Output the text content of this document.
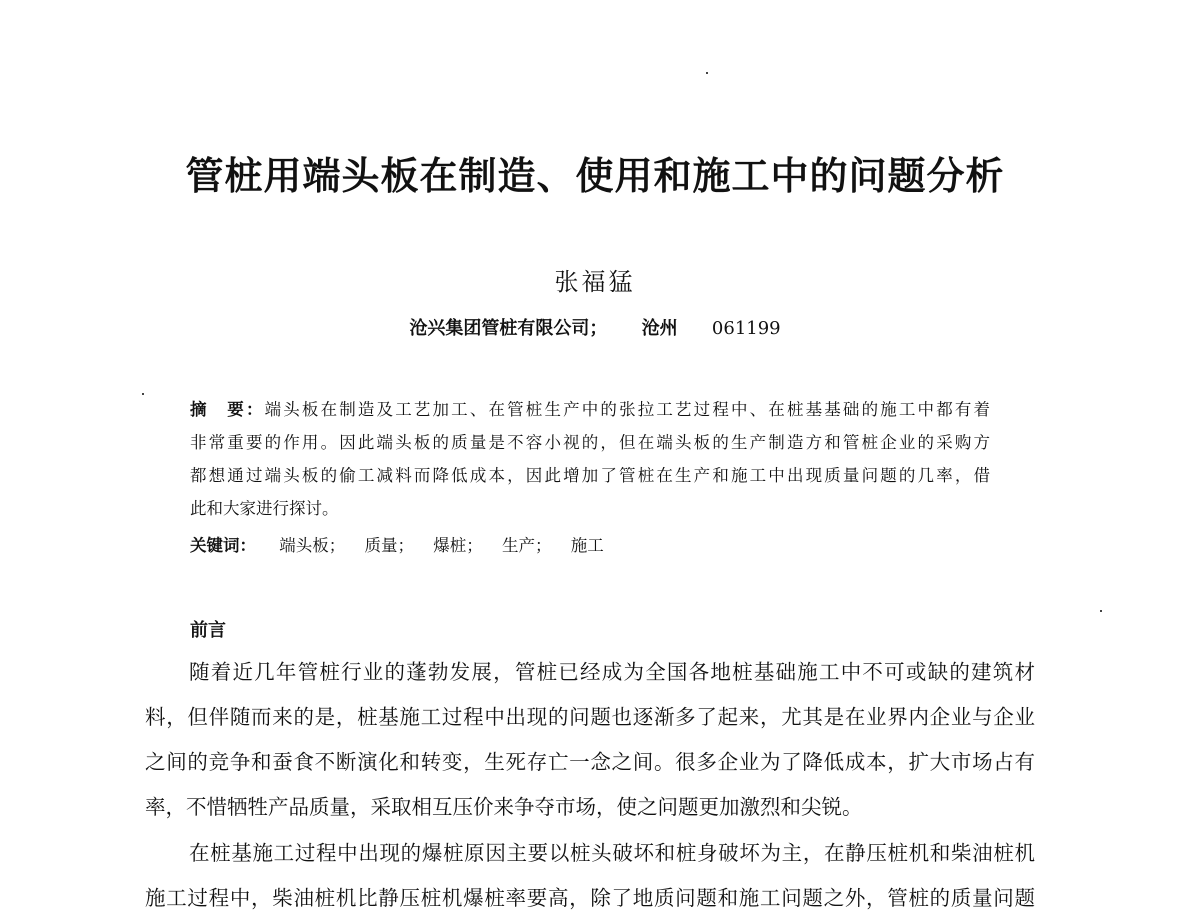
管桩用端头板在制造、使用和施工中的问题分析
张福猛
沧兴集团管桩有限公司； 沧州 061199
摘　要：端头板在制造及工艺加工、在管桩生产中的张拉工艺过程中、在桩基基础的施工中都有着
非常重要的作用。因此端头板的质量是不容小视的，但在端头板的生产制造方和管桩企业的采购方
都想通过端头板的偷工减料而降低成本，因此增加了管桩在生产和施工中出现质量问题的几率，借
此和大家进行探讨。
关键词： 端头板； 质量； 爆桩； 生产； 施工
前言
随着近几年管桩行业的蓬勃发展，管桩已经成为全国各地桩基础施工中不可或缺的建筑材
料，但伴随而来的是，桩基施工过程中出现的问题也逐渐多了起来，尤其是在业界内企业与企业
之间的竞争和蚕食不断演化和转变，生死存亡一念之间。很多企业为了降低成本，扩大市场占有
率，不惜牺牲产品质量，采取相互压价来争夺市场，使之问题更加激烈和尖锐。
在桩基施工过程中出现的爆桩原因主要以桩头破坏和桩身破坏为主，在静压桩机和柴油桩机
施工过程中，柴油桩机比静压桩机爆桩率要高，除了地质问题和施工问题之外，管桩的质量问题
